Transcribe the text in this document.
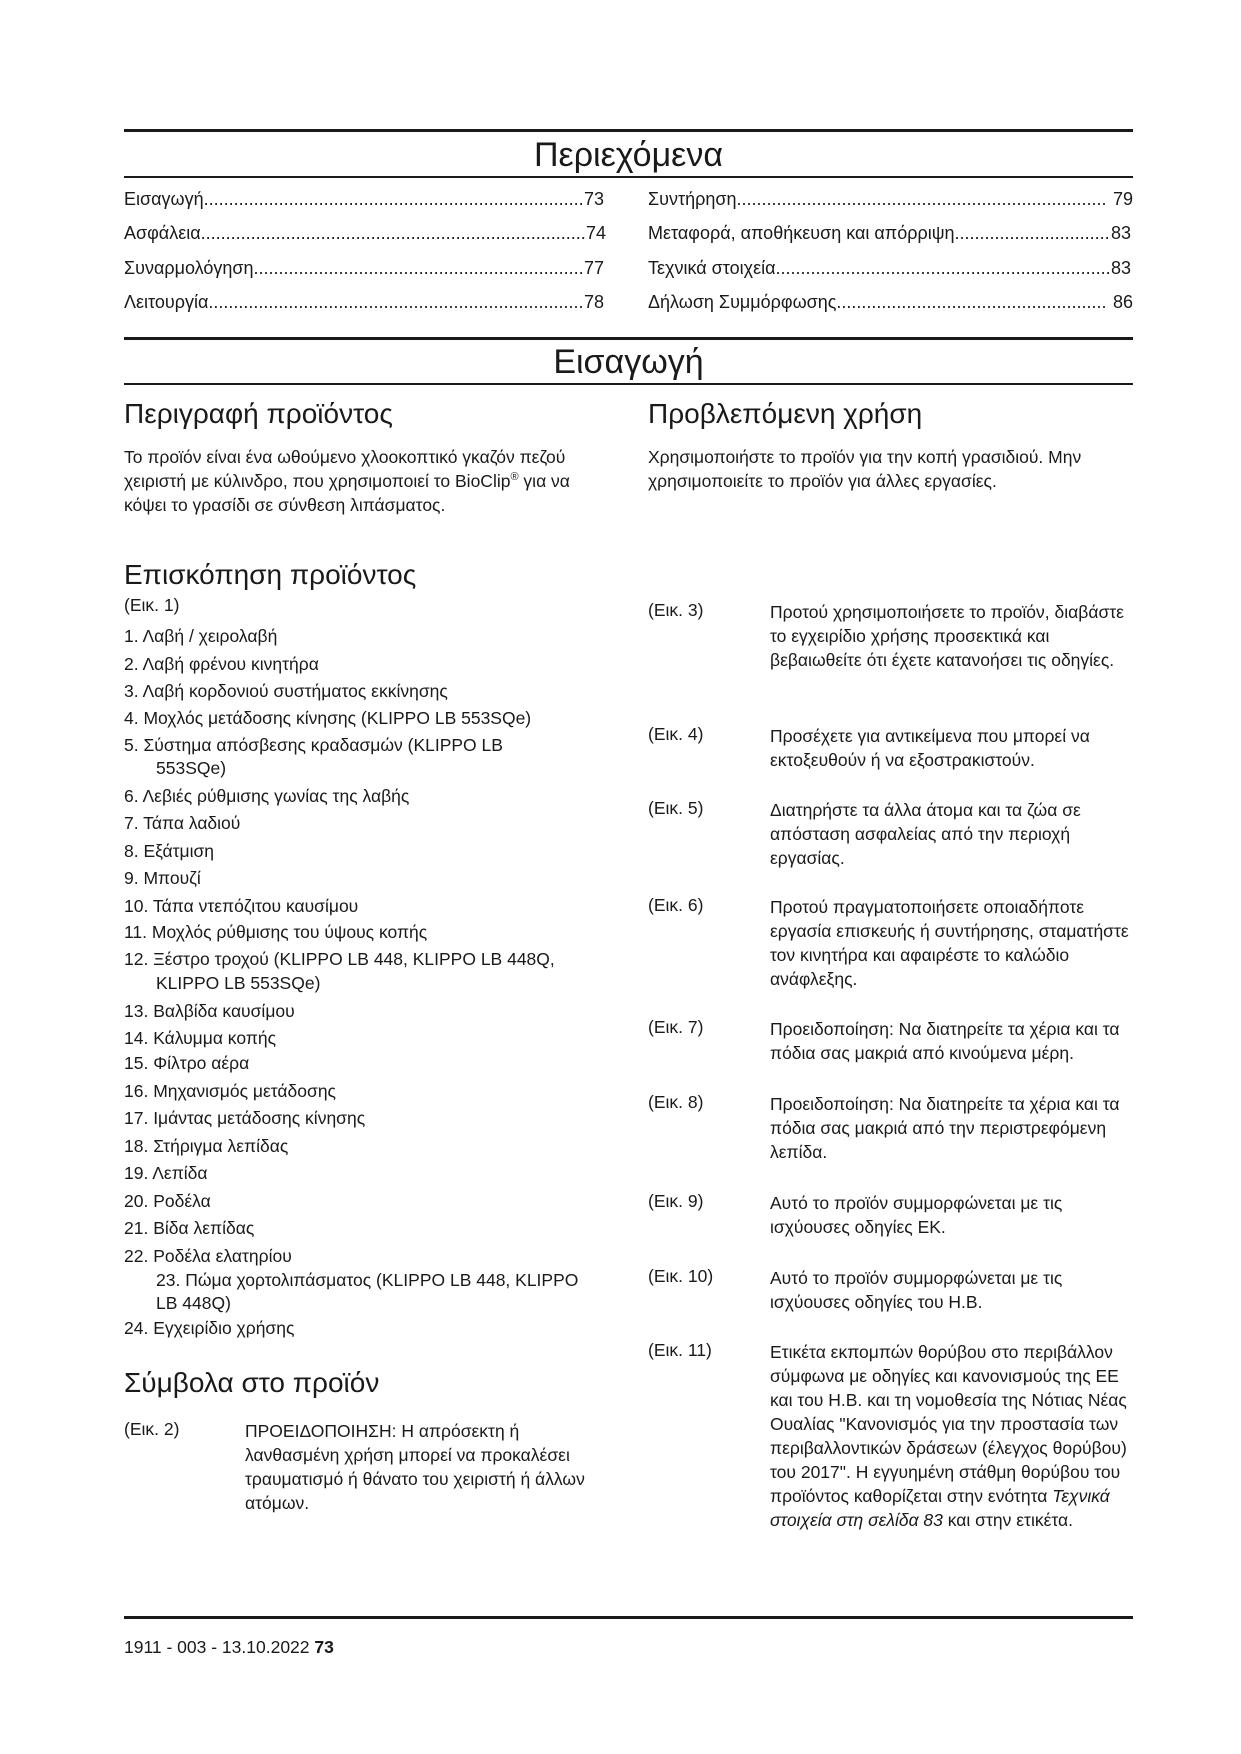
Περιεχόμενα
Εισαγωγή .....	73
Ασφάλεια .....	74
Συναρμολόγηση .....	77
Λειτουργία .....	78
Συντήρηση .....	79
Μεταφορά, αποθήκευση και απόρριψη .....	83
Τεχνικά στοιχεία .....	83
Δήλωση Συμμόρφωσης .....	86
Εισαγωγή
Περιγραφή προϊόντος

Το προϊόν είναι ένα ωθούμενο χλοοκοπτικό γκαζόν πεζού χειριστή με κύλινδρο, που χρησιμοποιεί το BioClip® για να κόψει το γρασίδι σε σύνθεση λιπάσματος.

Προβλεπόμενη χρήση

Χρησιμοποιήστε το προϊόν για την κοπή γρασιδιού. Μην χρησιμοποιείτε το προϊόν για άλλες εργασίες.

Επισκόπηση προϊόντος
(Εικ. 1)
1. Λαβή / χειρολαβή
2. Λαβή φρένου κινητήρα
3. Λαβή κορδονιού συστήματος εκκίνησης
4. Μοχλός μετάδοσης κίνησης (KLIPPO LB 553SQe)
5. Σύστημα απόσβεσης κραδασμών (KLIPPO LB
553SQe)
6. Λεβιές ρύθμισης γωνίας της λαβής
7. Τάπα λαδιού
8. Εξάτμιση
9. Μπουζί
10. Τάπα ντεπόζιτου καυσίμου
11. Μοχλός ρύθμισης του ύψους κοπής
12. Ξέστρο τροχού (KLIPPO LB 448, KLIPPO LB 448Q,
KLIPPO LB 553SQe)
13. Βαλβίδα καυσίμου
14. Κάλυμμα κοπής
15. Φίλτρο αέρα
16. Μηχανισμός μετάδοσης
17. Ιμάντας μετάδοσης κίνησης
18. Στήριγμα λεπίδας
19. Λεπίδα
20. Ροδέλα
21. Βίδα λεπίδας
22. Ροδέλα ελατηρίου
23. Πώμα χορτολιπάσματος (KLIPPO LB 448, KLIPPO
LB 448Q)
24. Εγχειρίδιο χρήσης
Σύμβολα στο προϊόν
(Εικ. 2)	ΠΡΟΕΙΔΟΠΟΙΗΣΗ: Η απρόσεκτη ή λανθασμένη χρήση μπορεί να προκαλέσει τραυματισμό ή θάνατο του χειριστή ή άλλων ατόμων.
(Εικ. 3)	Προτού χρησιμοποιήσετε το προϊόν, διαβάστε το εγχειρίδιο χρήσης προσεκτικά και βεβαιωθείτε ότι έχετε κατανοήσει τις οδηγίες.
(Εικ. 4)	Προσέχετε για αντικείμενα που μπορεί να εκτοξευθούν ή να εξοστρακιστούν.
(Εικ. 5)	Διατηρήστε τα άλλα άτομα και τα ζώα σε απόσταση ασφαλείας από την περιοχή εργασίας.
(Εικ. 6)	Προτού πραγματοποιήσετε οποιαδήποτε εργασία επισκευής ή συντήρησης, σταματήστε τον κινητήρα και αφαιρέστε το καλώδιο ανάφλεξης.
(Εικ. 7)	Προειδοποίηση: Να διατηρείτε τα χέρια και τα πόδια σας μακριά από κινούμενα μέρη.
(Εικ. 8)	Προειδοποίηση: Να διατηρείτε τα χέρια και τα πόδια σας μακριά από την περιστρεφόμενη λεπίδα.
(Εικ. 9)	Αυτό το προϊόν συμμορφώνεται με τις ισχύουσες οδηγίες ΕΚ.
(Εικ. 10)	Αυτό το προϊόν συμμορφώνεται με τις ισχύουσες οδηγίες του Η.Β.
(Εικ. 11)	Ετικέτα εκπομπών θορύβου στο περιβάλλον σύμφωνα με οδηγίες και κανονισμούς της ΕΕ και του Η.Β. και τη νομοθεσία της Νότιας Νέας Ουαλίας "Κανονισμός για την προστασία των περιβαλλοντικών δράσεων (έλεγχος θορύβου) του 2017". Η εγγυημένη στάθμη θορύβου του προϊόντος καθορίζεται στην ενότητα Τεχνικά στοιχεία στη σελίδα 83 και στην ετικέτα.
1911 - 003 - 13.10.2022 73
